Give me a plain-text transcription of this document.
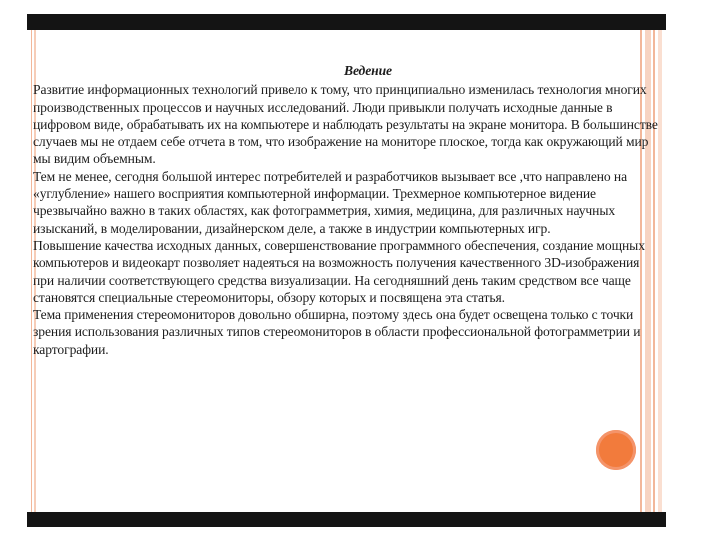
Ведение

Развитие информационных технологий привело к тому, что принципиально изменилась технология многих производственных процессов и научных исследований. Люди привыкли получать исходные данные в цифровом виде, обрабатывать их на компьютере и наблюдать результаты на экране монитора. В большинстве случаев мы не отдаем себе отчета в том, что изображение на мониторе плоское, тогда как окружающий мир мы видим объемным.

Тем не менее, сегодня большой интерес потребителей и разработчиков вызывает все ,что направлено на «углубление» нашего восприятия компьютерной информации. Трехмерное компьютерное видение чрезвычайно важно в таких областях, как фотограмметрия, химия, медицина, для различных научных изысканий, в моделировании, дизайнерском деле, а также в индустрии компьютерных игр.

Повышение качества исходных данных, совершенствование программного обеспечения, создание мощных компьютеров и видеокарт позволяет надеяться на возможность получения качественного 3D-изображения при наличии соответствующего средства визуализации. На сегодняшний день таким средством все чаще становятся специальные стереомониторы, обзору которых и посвящена эта статья.

Тема применения стереомониторов довольно обширна, поэтому здесь она будет освещена только с точки зрения использования различных типов стереомониторов в области профессиональной фотограмметрии и картографии.
